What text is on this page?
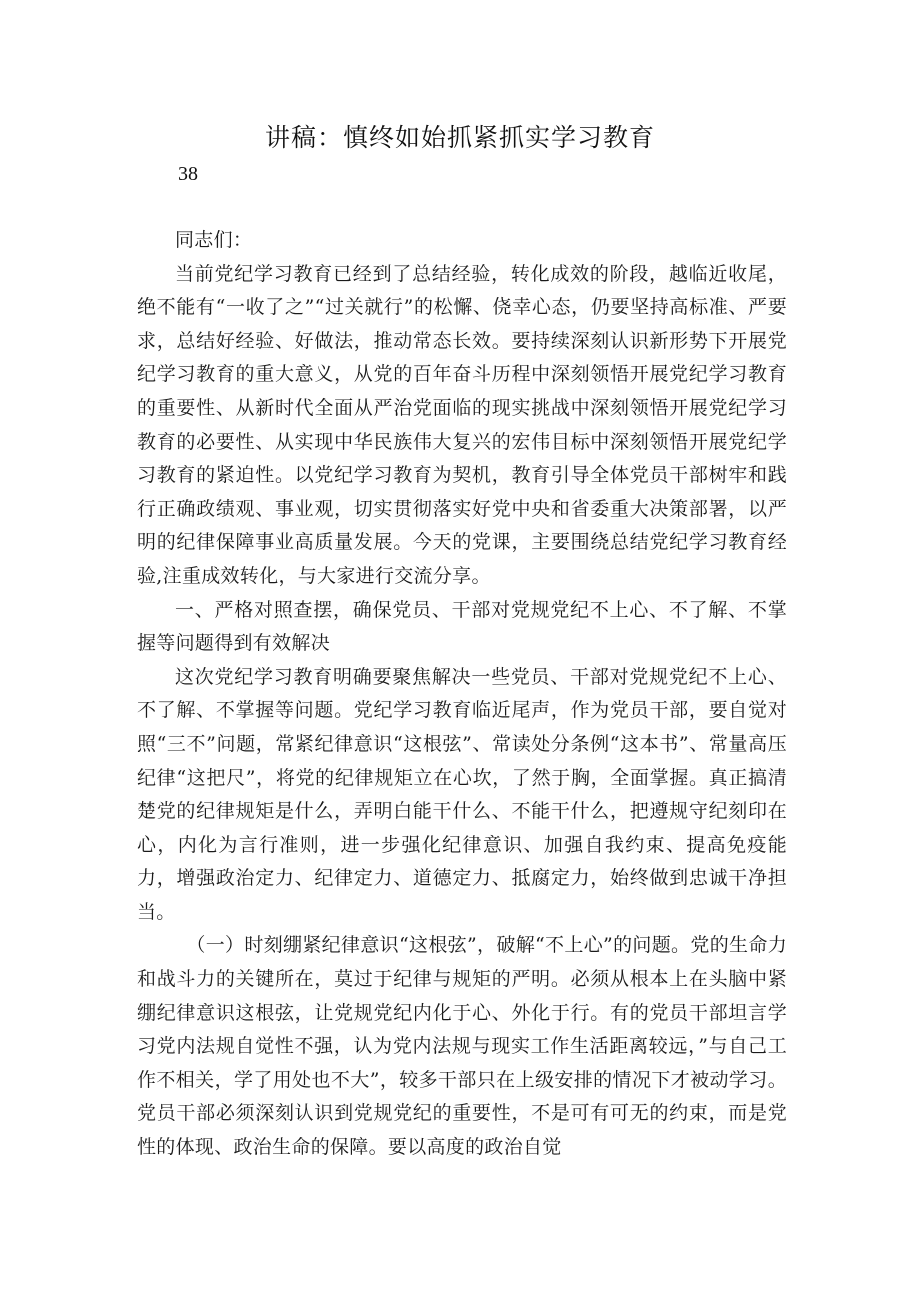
讲稿：慎终如始抓紧抓实学习教育
38

同志们：

当前党纪学习教育已经到了总结经验，转化成效的阶段，越临近收尾，绝不能有“一收了之”“过关就行”的松懈、侥幸心态，仍要坚持高标准、严要求，总结好经验、好做法，推动常态长效。要持续深刻认识新形势下开展党纪学习教育的重大意义，从党的百年奋斗历程中深刻领悟开展党纪学习教育的重要性、从新时代全面从严治党面临的现实挑战中深刻领悟开展党纪学习教育的必要性、从实现中华民族伟大复兴的宏伟目标中深刻领悟开展党纪学习教育的紧迫性。以党纪学习教育为契机，教育引导全体党员干部树牢和践行正确政绩观、事业观，切实贯彻落实好党中央和省委重大决策部署，以严明的纪律保障事业高质量发展。今天的党课，主要围绕总结党纪学习教育经验,注重成效转化，与大家进行交流分享。

一、严格对照查摆，确保党员、干部对党规党纪不上心、不了解、不掌握等问题得到有效解决

这次党纪学习教育明确要聚焦解决一些党员、干部对党规党纪不上心、不了解、不掌握等问题。党纪学习教育临近尾声，作为党员干部，要自觉对照“三不”问题，常紧纪律意识“这根弦”、常读处分条例“这本书”、常量高压纪律“这把尺”，将党的纪律规矩立在心坎，了然于胸，全面掌握。真正搞清楚党的纪律规矩是什么，弄明白能干什么、不能干什么，把遵规守纪刻印在心，内化为言行准则，进一步强化纪律意识、加强自我约束、提高免疫能力，增强政治定力、纪律定力、道德定力、抵腐定力，始终做到忠诚干净担当。

（一）时刻绷紧纪律意识“这根弦”，破解“不上心”的问题。党的生命力和战斗力的关键所在，莫过于纪律与规矩的严明。必须从根本上在头脑中紧绷纪律意识这根弦，让党规党纪内化于心、外化于行。有的党员干部坦言学习党内法规自觉性不强，认为党内法规与现实工作生活距离较远，”与自己工作不相关，学了用处也不大”，较多干部只在上级安排的情况下才被动学习。党员干部必须深刻认识到党规党纪的重要性，不是可有可无的约束，而是党性的体现、政治生命的保障。要以高度的政治自觉
